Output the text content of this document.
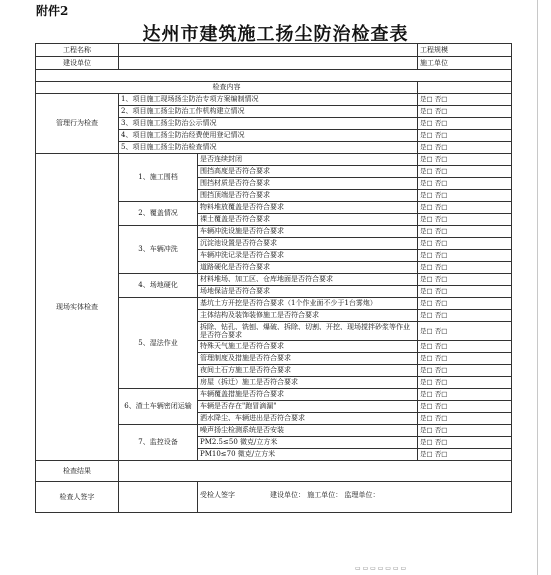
附件2
达州市建筑施工扬尘防治检查表
工程名称			工程规模
建设单位			施工单位

检查内容			
管理行为检查	1、项目施工现场扬尘防治专项方案编制情况		是□ 否□
	2、项目施工扬尘防治工作机构建立情况		是□ 否□
	3、项目施工扬尘防治公示情况		是□ 否□
	4、项目施工扬尘防治经费使用登记情况		是□ 否□
	5、项目施工扬尘防治检查情况		是□ 否□
现场实体检查	1、施工围档	是否连续封闭	是□ 否□
		围挡高度是否符合要求	是□ 否□
		围挡材质是否符合要求	是□ 否□
		围挡顶端是否符合要求	是□ 否□
	2、覆盖情况	物料堆放覆盖是否符合要求	是□ 否□
		裸土覆盖是否符合要求	是□ 否□
	3、车辆冲洗	车辆冲洗设施是否符合要求	是□ 否□
		沉淀池设置是否符合要求	是□ 否□
		车辆冲洗记录是否符合要求	是□ 否□
		道路硬化是否符合要求	是□ 否□
	4、场地硬化	材料堆场、加工区、仓库地面是否符合要求	是□ 否□
		场地保洁是否符合要求	是□ 否□
	5、湿法作业	基坑土方开挖是否符合要求（1个作业面不少于1台雾炮）	是□ 否□
		主体结构及装饰装修施工是否符合要求	是□ 否□
		拆除、钻孔、铣刨、爆破、拆除、切割、开挖、现场搅拌砂浆等作业是否符合要求	是□ 否□
		特殊天气施工是否符合要求	是□ 否□
		管理制度及措施是否符合要求	是□ 否□
		夜间土石方施工是否符合要求	是□ 否□
		房屋（拆迁）施工是否符合要求	是□ 否□
	6、渣土车辆密闭运输	车辆覆盖措施是否符合要求	是□ 否□
		车辆是否存在"跑冒滴漏"	是□ 否□
		洒水降尘、车辆进出是否符合要求	是□ 否□
	7、监控设备	噪声扬尘检测系统是否安装	是□ 否□
		PM2.5≤50 微克/立方米	是□ 否□
		PM10≤70 微克/立方米	是□ 否□
检查结果			
检查人签字		受检人签字 建设单位： 施工单位： 监理单位：	
▭ ▭ ▭ ▭ ▭ ▭ ▭
